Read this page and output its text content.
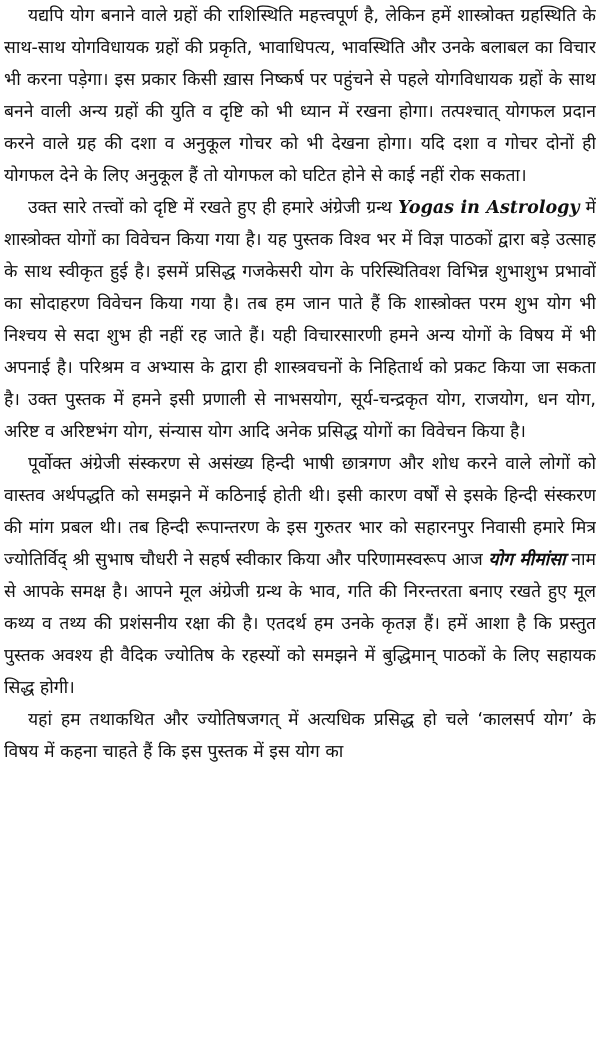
यद्यपि योग बनाने वाले ग्रहों की राशिस्थिति महत्त्वपूर्ण है, लेकिन हमें शास्त्रोक्त ग्रहस्थिति के साथ-साथ योगविधायक ग्रहों की प्रकृति, भावाधिपत्य, भावस्थिति और उनके बलाबल का विचार भी करना पड़ेगा। इस प्रकार किसी ख़ास निष्कर्ष पर पहुंचने से पहले योगविधायक ग्रहों के साथ बनने वाली अन्य ग्रहों की युति व दृष्टि को भी ध्यान में रखना होगा। तत्पश्चात् योगफल प्रदान करने वाले ग्रह की दशा व अनुकूल गोचर को भी देखना होगा। यदि दशा व गोचर दोनों ही योगफल देने के लिए अनुकूल हैं तो योगफल को घटित होने से काई नहीं रोक सकता।

उक्त सारे तत्त्वों को दृष्टि में रखते हुए ही हमारे अंग्रेजी ग्रन्थ Yogas in Astrology में शास्त्रोक्त योगों का विवेचन किया गया है। यह पुस्तक विश्व भर में विज्ञ पाठकों द्वारा बड़े उत्साह के साथ स्वीकृत हुई है। इसमें प्रसिद्ध गजकेसरी योग के परिस्थितिवश विभिन्न शुभाशुभ प्रभावों का सोदाहरण विवेचन किया गया है। तब हम जान पाते हैं कि शास्त्रोक्त परम शुभ योग भी निश्चय से सदा शुभ ही नहीं रह जाते हैं। यही विचारसारणी हमने अन्य योगों के विषय में भी अपनाई है। परिश्रम व अभ्यास के द्वारा ही शास्त्रवचनों के निहितार्थ को प्रकट किया जा सकता है। उक्त पुस्तक में हमने इसी प्रणाली से नाभसयोग, सूर्य-चन्द्रकृत योग, राजयोग, धन योग, अरिष्ट व अरिष्टभंग योग, संन्यास योग आदि अनेक प्रसिद्ध योगों का विवेचन किया है।

पूर्वोक्त अंग्रेजी संस्करण से असंख्य हिन्दी भाषी छात्रगण और शोध करने वाले लोगों को वास्तव अर्थपद्धति को समझने में कठिनाई होती थी। इसी कारण वर्षों से इसके हिन्दी संस्करण की मांग प्रबल थी। तब हिन्दी रूपान्तरण के इस गुरुतर भार को सहारनपुर निवासी हमारे मित्र ज्योतिर्विद् श्री सुभाष चौधरी ने सहर्ष स्वीकार किया और परिणामस्वरूप आज योग मीमांसा नाम से आपके समक्ष है। आपने मूल अंग्रेजी ग्रन्थ के भाव, गति की निरन्तरता बनाए रखते हुए मूल कथ्य व तथ्य की प्रशंसनीय रक्षा की है। एतदर्थ हम उनके कृतज्ञ हैं। हमें आशा है कि प्रस्तुत पुस्तक अवश्य ही वैदिक ज्योतिष के रहस्यों को समझने में बुद्धिमान् पाठकों के लिए सहायक सिद्ध होगी।

यहां हम तथाकथित और ज्योतिषजगत् में अत्यधिक प्रसिद्ध हो चले ‘कालसर्प योग’ के विषय में कहना चाहते हैं कि इस पुस्तक में इस योग का
